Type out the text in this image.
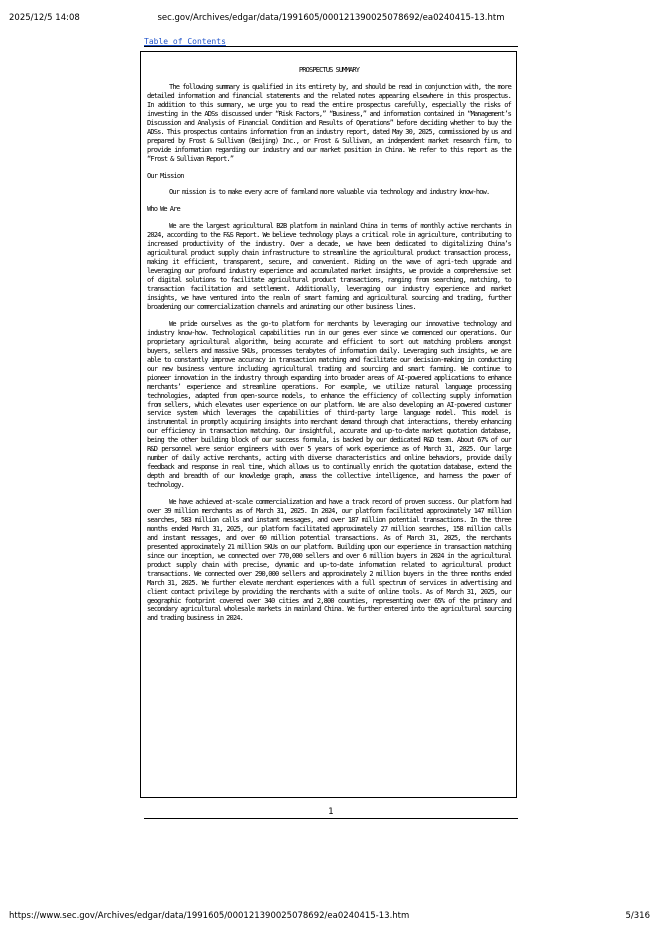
2025/12/5 14:08	sec.gov/Archives/edgar/data/1991605/000121390025078692/ea0240415-13.htm
Table of Contents
PROSPECTUS SUMMARY

The following summary is qualified in its entirety by, and should be read in conjunction with, the more detailed information and financial statements and the related notes appearing elsewhere in this prospectus. In addition to this summary, we urge you to read the entire prospectus carefully, especially the risks of investing in the ADSs discussed under “Risk Factors,” “Business,” and information contained in “Management’s Discussion and Analysis of Financial Condition and Results of Operations” before deciding whether to buy the ADSs. This prospectus contains information from an industry report, dated May 30, 2025, commissioned by us and prepared by Frost & Sullivan (Beijing) Inc., or Frost & Sullivan, an independent market research firm, to provide information regarding our industry and our market position in China. We refer to this report as the “Frost & Sullivan Report.”

Our Mission

Our mission is to make every acre of farmland more valuable via technology and industry know-how.

Who We Are

We are the largest agricultural B2B platform in mainland China in terms of monthly active merchants in 2024, according to the F&S Report. We believe technology plays a critical role in agriculture, contributing to increased productivity of the industry. Over a decade, we have been dedicated to digitalizing China’s agricultural product supply chain infrastructure to streamline the agricultural product transaction process, making it efficient, transparent, secure, and convenient. Riding on the wave of agri-tech upgrade and leveraging our profound industry experience and accumulated market insights, we provide a comprehensive set of digital solutions to facilitate agricultural product transactions, ranging from searching, matching, to transaction facilitation and settlement. Additionally, leveraging our industry experience and market insights, we have ventured into the realm of smart farming and agricultural sourcing and trading, further broadening our commercialization channels and animating our other business lines.

We pride ourselves as the go-to platform for merchants by leveraging our innovative technology and industry know-how. Technological capabilities run in our genes ever since we commenced our operations. Our proprietary agricultural algorithm, being accurate and efficient to sort out matching problems amongst buyers, sellers and massive SKUs, processes terabytes of information daily. Leveraging such insights, we are able to constantly improve accuracy in transaction matching and facilitate our decision-making in conducting our new business venture including agricultural trading and sourcing and smart farming. We continue to pioneer innovation in the industry through expanding into broader areas of AI-powered applications to enhance merchants’ experience and streamline operations. For example, we utilize natural language processing technologies, adapted from open-source models, to enhance the efficiency of collecting supply information from sellers, which elevates user experience on our platform. We are also developing an AI-powered customer service system which leverages the capabilities of third-party large language model. This model is instrumental in promptly acquiring insights into merchant demand through chat interactions, thereby enhancing our efficiency in transaction matching. Our insightful, accurate and up-to-date market quotation database, being the other building block of our success formula, is backed by our dedicated R&D team. About 67% of our R&D personnel were senior engineers with over 5 years of work experience as of March 31, 2025. Our large number of daily active merchants, acting with diverse characteristics and online behaviors, provide daily feedback and response in real time, which allows us to continually enrich the quotation database, extend the depth and breadth of our knowledge graph, amass the collective intelligence, and harness the power of technology.

We have achieved at-scale commercialization and have a track record of proven success. Our platform had over 39 million merchants as of March 31, 2025. In 2024, our platform facilitated approximately 147 million searches, 583 million calls and instant messages, and over 187 million potential transactions. In the three months ended March 31, 2025, our platform facilitated approximately 27 million searches, 158 million calls and instant messages, and over 60 million potential transactions. As of March 31, 2025, the merchants presented approximately 21 million SKUs on our platform. Building upon our experience in transaction matching since our inception, we connected over 770,000 sellers and over 6 million buyers in 2024 in the agricultural product supply chain with precise, dynamic and up-to-date information related to agricultural product transactions. We connected over 290,000 sellers and approximately 2 million buyers in the three months ended March 31, 2025. We further elevate merchant experiences with a full spectrum of services in advertising and client contact privilege by providing the merchants with a suite of online tools. As of March 31, 2025, our geographic footprint covered over 340 cities and 2,800 counties, representing over 65% of the primary and secondary agricultural wholesale markets in mainland China. We further entered into the agricultural sourcing and trading business in 2024.

1
https://www.sec.gov/Archives/edgar/data/1991605/000121390025078692/ea0240415-13.htm	5/316
